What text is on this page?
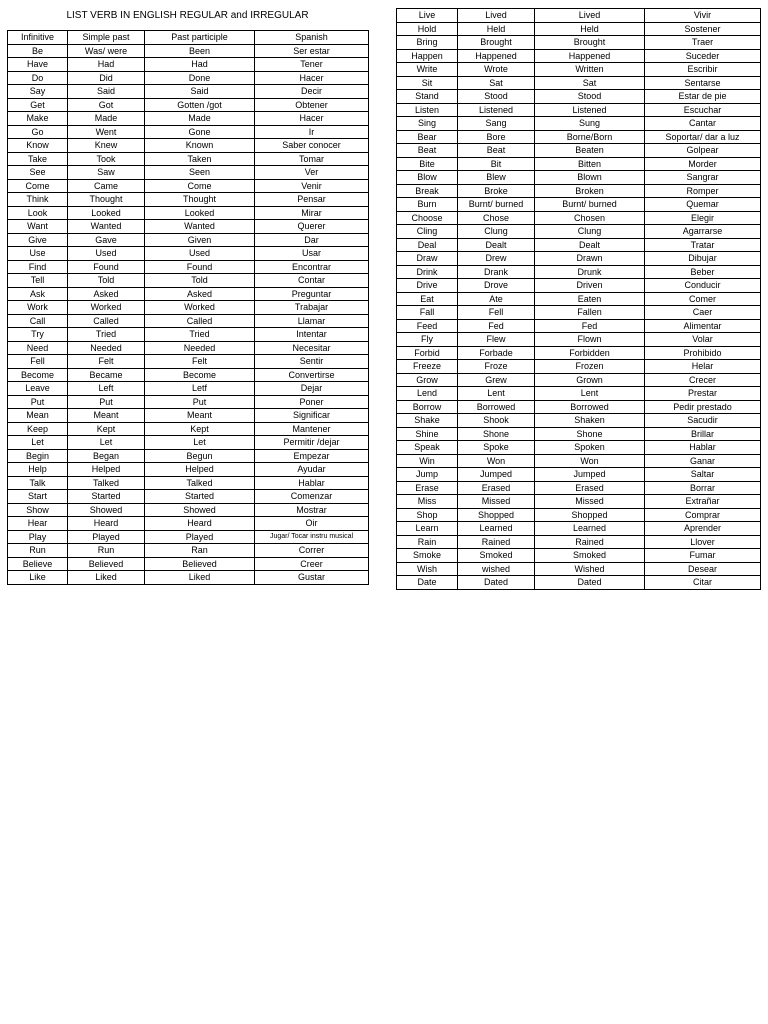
LIST VERB IN ENGLISH REGULAR and IRREGULAR
Infinitive	Simple past	Past participle	Spanish
Be	Was/ were	Been	Ser estar
Have	Had	Had	Tener
Do	Did	Done	Hacer
Say	Said	Said	Decir
Get	Got	Gotten /got	Obtener
Make	Made	Made	Hacer
Go	Went	Gone	Ir
Know	Knew	Known	Saber conocer
Take	Took	Taken	Tomar
See	Saw	Seen	Ver
Come	Came	Come	Venir
Think	Thought	Thought	Pensar
Look	Looked	Looked	Mirar
Want	Wanted	Wanted	Querer
Give	Gave	Given	Dar
Use	Used	Used	Usar
Find	Found	Found	Encontrar
Tell	Told	Told	Contar
Ask	Asked	Asked	Preguntar
Work	Worked	Worked	Trabajar
Call	Called	Called	Llamar
Try	Tried	Tried	Intentar
Need	Needed	Needed	Necesitar
Fell	Felt	Felt	Sentir
Become	Became	Become	Convertirse
Leave	Left	Letf	Dejar
Put	Put	Put	Poner
Mean	Meant	Meant	Significar
Keep	Kept	Kept	Mantener
Let	Let	Let	Permitir /dejar
Begin	Began	Begun	Empezar
Help	Helped	Helped	Ayudar
Talk	Talked	Talked	Hablar
Start	Started	Started	Comenzar
Show	Showed	Showed	Mostrar
Hear	Heard	Heard	Oir
Play	Played	Played	Jugar/ Tocar instru musical
Run	Run	Ran	Correr
Believe	Believed	Believed	Creer
Like	Liked	Liked	Gustar
Live	Lived	Lived	Vivir
Hold	Held	Held	Sostener
Bring	Brought	Brought	Traer
Happen	Happened	Happened	Suceder
Write	Wrote	Written	Escribir
Sit	Sat	Sat	Sentarse
Stand	Stood	Stood	Estar de pie
Listen	Listened	Listened	Escuchar
Sing	Sang	Sung	Cantar
Bear	Bore	Borne/Born	Soportar/ dar a luz
Beat	Beat	Beaten	Golpear
Bite	Bit	Bitten	Morder
Blow	Blew	Blown	Sangrar
Break	Broke	Broken	Romper
Burn	Burnt/ burned	Burnt/ burned	Quemar
Choose	Chose	Chosen	Elegir
Cling	Clung	Clung	Agarrarse
Deal	Dealt	Dealt	Tratar
Draw	Drew	Drawn	Dibujar
Drink	Drank	Drunk	Beber
Drive	Drove	Driven	Conducir
Eat	Ate	Eaten	Comer
Fall	Fell	Fallen	Caer
Feed	Fed	Fed	Alimentar
Fly	Flew	Flown	Volar
Forbid	Forbade	Forbidden	Prohibido
Freeze	Froze	Frozen	Helar
Grow	Grew	Grown	Crecer
Lend	Lent	Lent	Prestar
Borrow	Borrowed	Borrowed	Pedir prestado
Shake	Shook	Shaken	Sacudir
Shine	Shone	Shone	Brillar
Speak	Spoke	Spoken	Hablar
Win	Won	Won	Ganar
Jump	Jumped	Jumped	Saltar
Erase	Erased	Erased	Borrar
Miss	Missed	Missed	Extrañar
Shop	Shopped	Shopped	Comprar
Learn	Learned	Learned	Aprender
Rain	Rained	Rained	Llover
Smoke	Smoked	Smoked	Fumar
Wish	wished	Wished	Desear
Date	Dated	Dated	Citar
